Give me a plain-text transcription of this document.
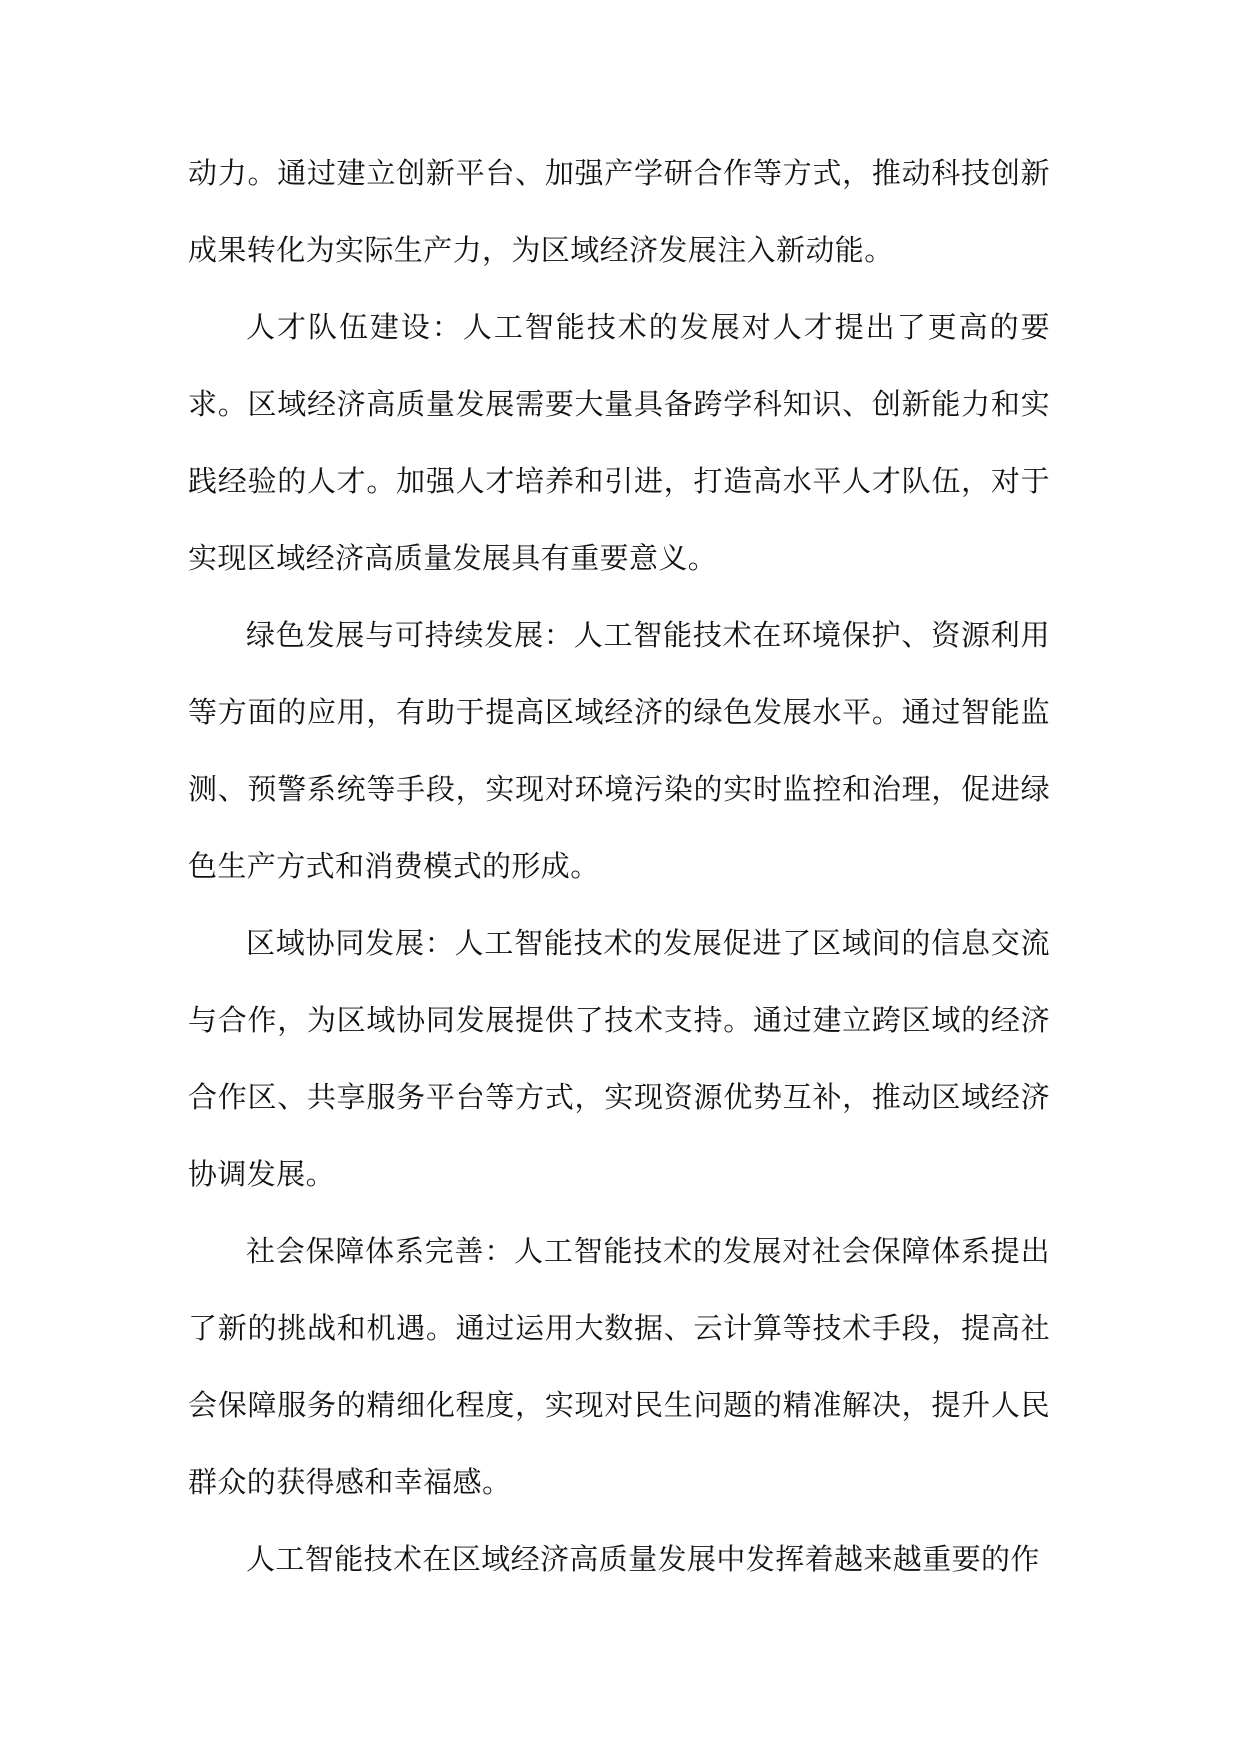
动力。通过建立创新平台、加强产学研合作等方式，推动科技创新成果转化为实际生产力，为区域经济发展注入新动能。

人才队伍建设：人工智能技术的发展对人才提出了更高的要求。区域经济高质量发展需要大量具备跨学科知识、创新能力和实践经验的人才。加强人才培养和引进，打造高水平人才队伍，对于实现区域经济高质量发展具有重要意义。

绿色发展与可持续发展：人工智能技术在环境保护、资源利用等方面的应用，有助于提高区域经济的绿色发展水平。通过智能监测、预警系统等手段，实现对环境污染的实时监控和治理，促进绿色生产方式和消费模式的形成。

区域协同发展：人工智能技术的发展促进了区域间的信息交流与合作，为区域协同发展提供了技术支持。通过建立跨区域的经济合作区、共享服务平台等方式，实现资源优势互补，推动区域经济协调发展。

社会保障体系完善：人工智能技术的发展对社会保障体系提出了新的挑战和机遇。通过运用大数据、云计算等技术手段，提高社会保障服务的精细化程度，实现对民生问题的精准解决，提升人民群众的获得感和幸福感。

人工智能技术在区域经济高质量发展中发挥着越来越重要的作
